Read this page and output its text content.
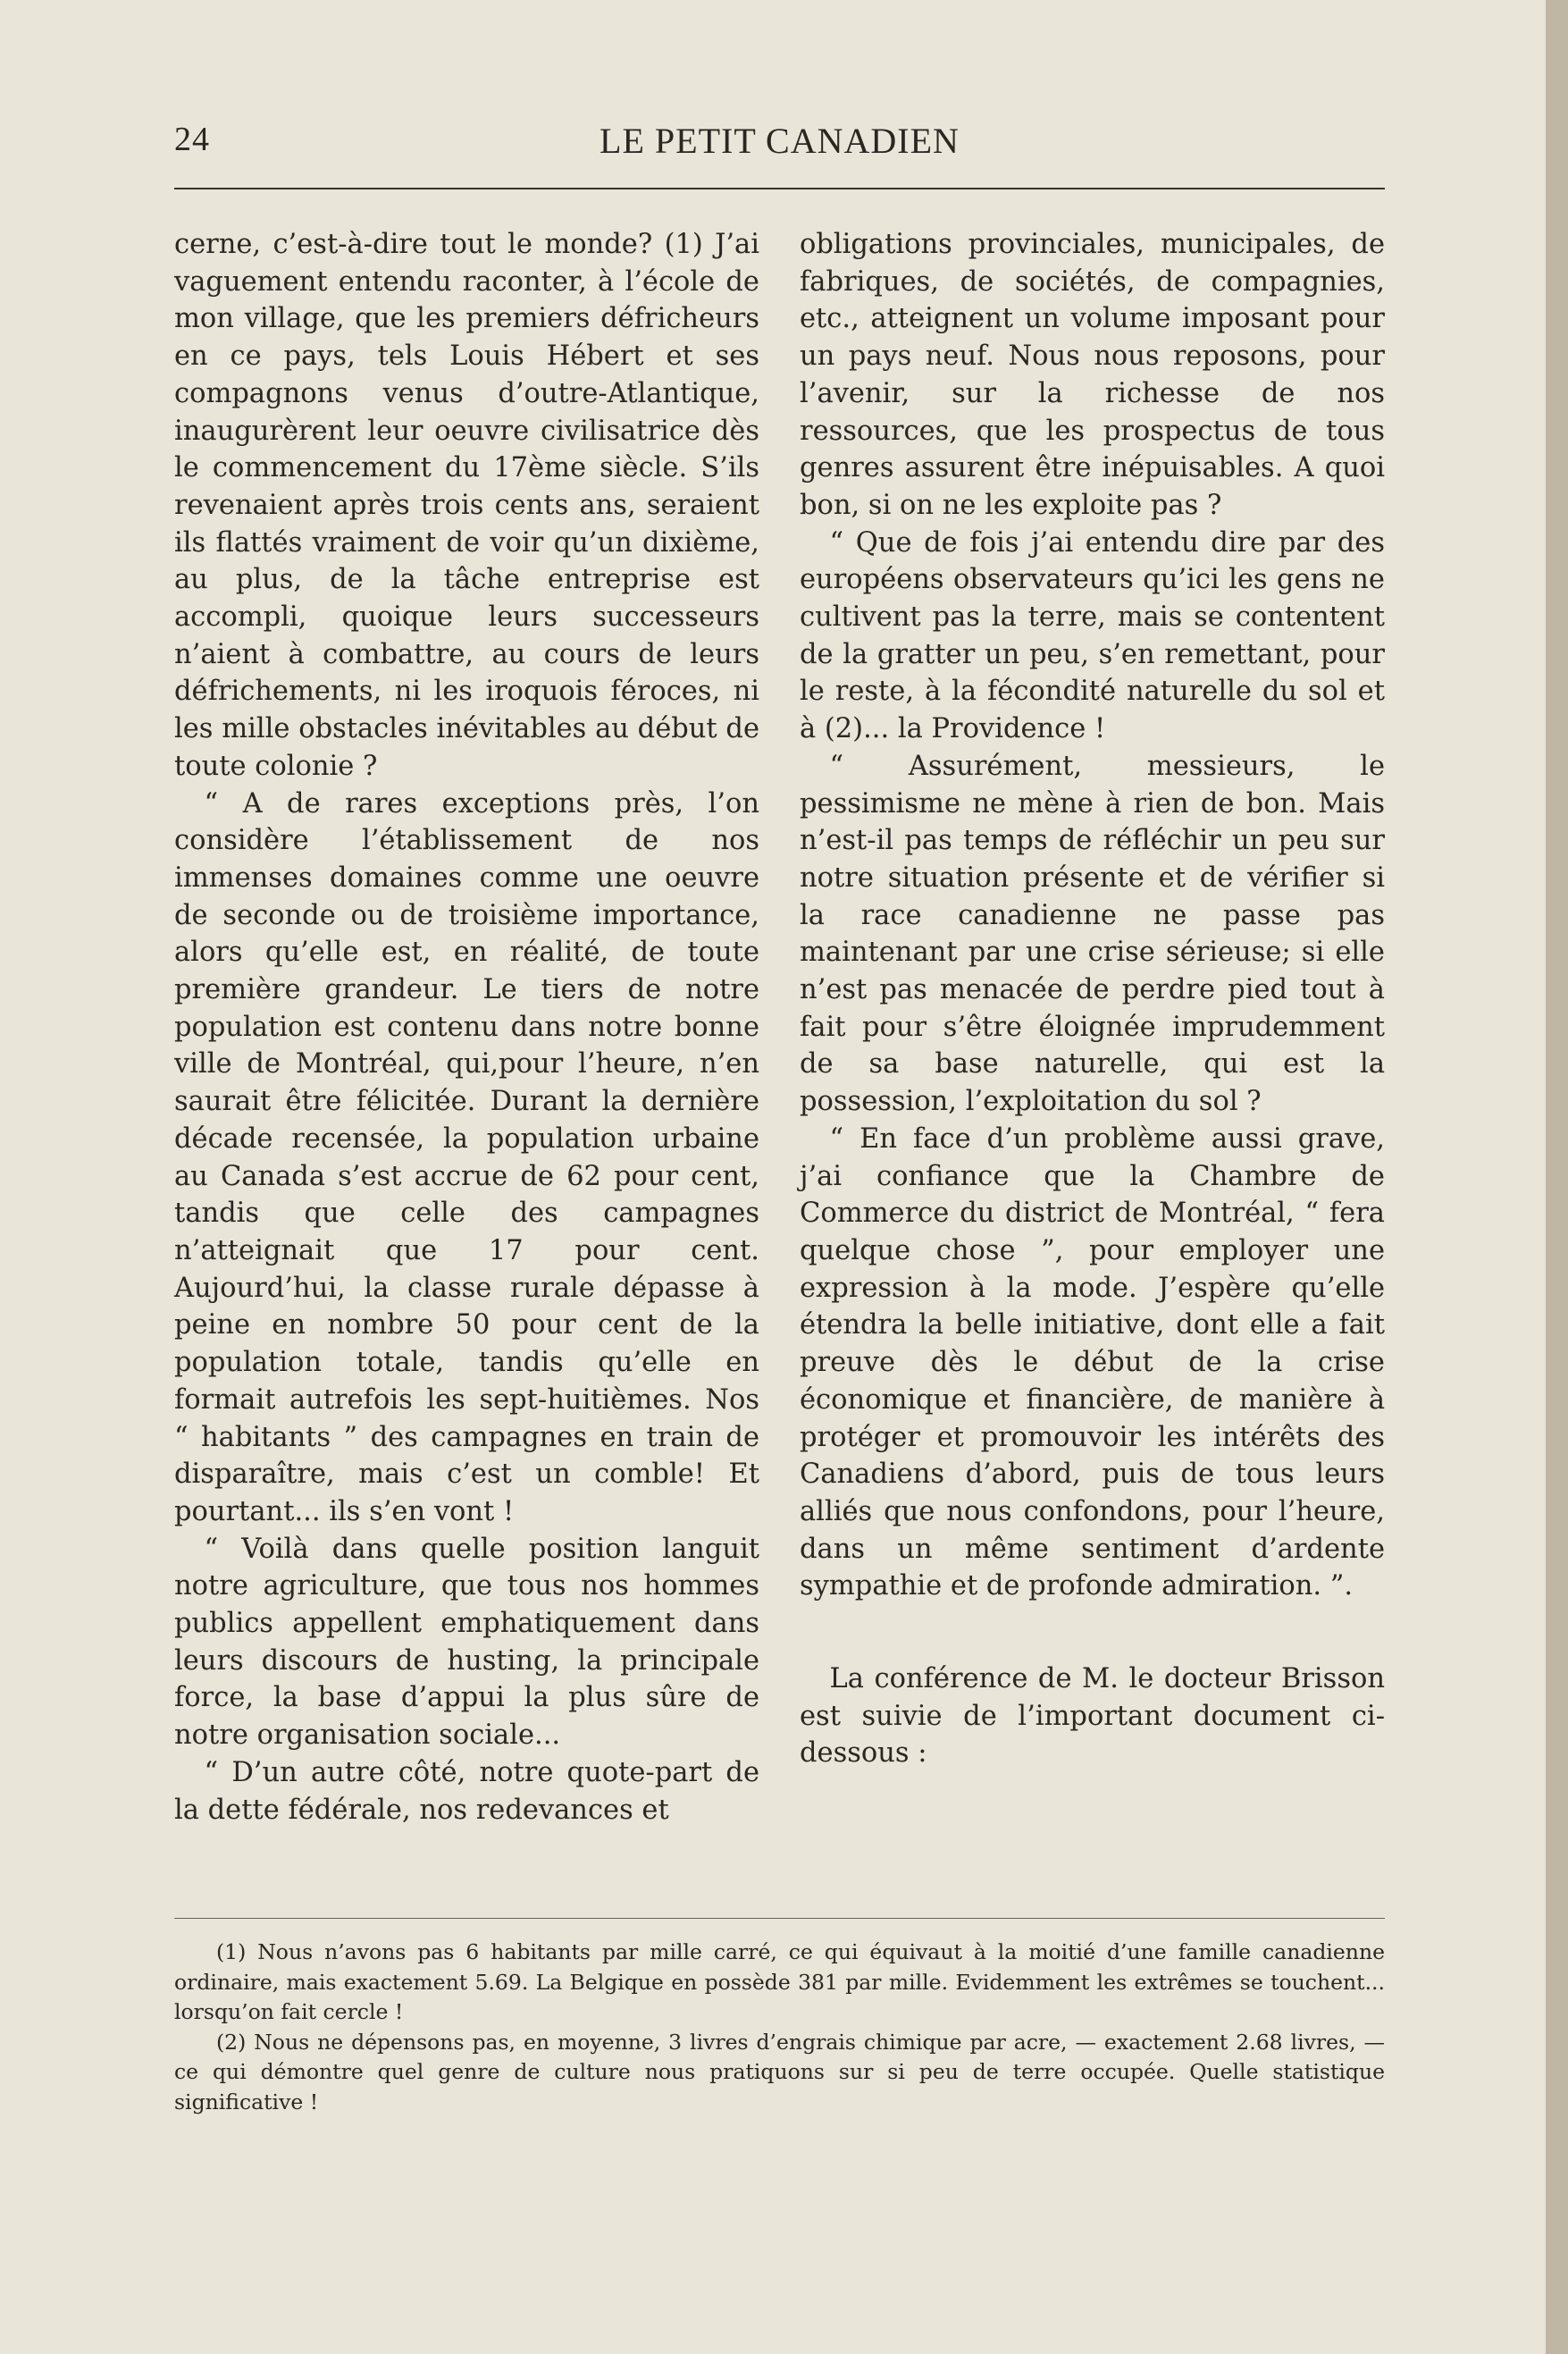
24	LE PETIT CANADIEN

cerne, c’est-à-dire tout le monde? (1) J’ai vaguement entendu raconter, à l’école de mon village, que les premiers défricheurs en ce pays, tels Louis Hébert et ses compagnons venus d’outre-Atlantique, inaugurèrent leur oeuvre civilisatrice dès le commencement du 17ème siècle. S’ils revenaient après trois cents ans, seraient ils flattés vraiment de voir qu’un dixième, au plus, de la tâche entreprise est accompli, quoique leurs successeurs n’aient à combattre, au cours de leurs défrichements, ni les iroquois féroces, ni les mille obstacles inévitables au début de toute colonie ?

“ A de rares exceptions près, l’on considère l’établissement de nos immenses domaines comme une oeuvre de seconde ou de troisième importance, alors qu’elle est, en réalité, de toute première grandeur. Le tiers de notre population est contenu dans notre bonne ville de Montréal, qui,pour l’heure, n’en saurait être félicitée. Durant la dernière décade recensée, la population urbaine au Canada s’est accrue de 62 pour cent, tandis que celle des campagnes n’atteignait que 17 pour cent. Aujourd’hui, la classe rurale dépasse à peine en nombre 50 pour cent de la population totale, tandis qu’elle en formait autrefois les sept-huitièmes. Nos “ habitants ” des campagnes en train de disparaître, mais c’est un comble! Et pourtant... ils s’en vont !

“ Voilà dans quelle position languit notre agriculture, que tous nos hommes publics appellent emphatiquement dans leurs discours de husting, la principale force, la base d’appui la plus sûre de notre organisation sociale...

“ D’un autre côté, notre quote-part de la dette fédérale, nos redevances et

obligations provinciales, municipales, de fabriques, de sociétés, de compagnies, etc., atteignent un volume imposant pour un pays neuf. Nous nous reposons, pour l’avenir, sur la richesse de nos ressources, que les prospectus de tous genres assurent être inépuisables. A quoi bon, si on ne les exploite pas ?

“ Que de fois j’ai entendu dire par des européens observateurs qu’ici les gens ne cultivent pas la terre, mais se contentent de la gratter un peu, s’en remettant, pour le reste, à la fécondité naturelle du sol et à (2)... la Providence !

“ Assurément, messieurs, le pessimisme ne mène à rien de bon. Mais n’est-il pas temps de réfléchir un peu sur notre situation présente et de vérifier si la race canadienne ne passe pas maintenant par une crise sérieuse; si elle n’est pas menacée de perdre pied tout à fait pour s’être éloignée imprudemment de sa base naturelle, qui est la possession, l’exploitation du sol ?

“ En face d’un problème aussi grave, j’ai confiance que la Chambre de Commerce du district de Montréal, “ fera quelque chose ”, pour employer une expression à la mode. J’espère qu’elle étendra la belle initiative, dont elle a fait preuve dès le début de la crise économique et financière, de manière à protéger et promouvoir les intérêts des Canadiens d’abord, puis de tous leurs alliés que nous confondons, pour l’heure, dans un même sentiment d’ardente sympathie et de profonde admiration. ”.

La conférence de M. le docteur Brisson est suivie de l’important document ci-dessous :

(1) Nous n’avons pas 6 habitants par mille carré, ce qui équivaut à la moitié d’une famille canadienne ordinaire, mais exactement 5.69. La Belgique en possède 381 par mille. Evidemment les extrêmes se touchent... lorsqu’on fait cercle !

(2) Nous ne dépensons pas, en moyenne, 3 livres d’engrais chimique par acre, — exactement 2.68 livres, — ce qui démontre quel genre de culture nous pratiquons sur si peu de terre occupée. Quelle statistique significative !
